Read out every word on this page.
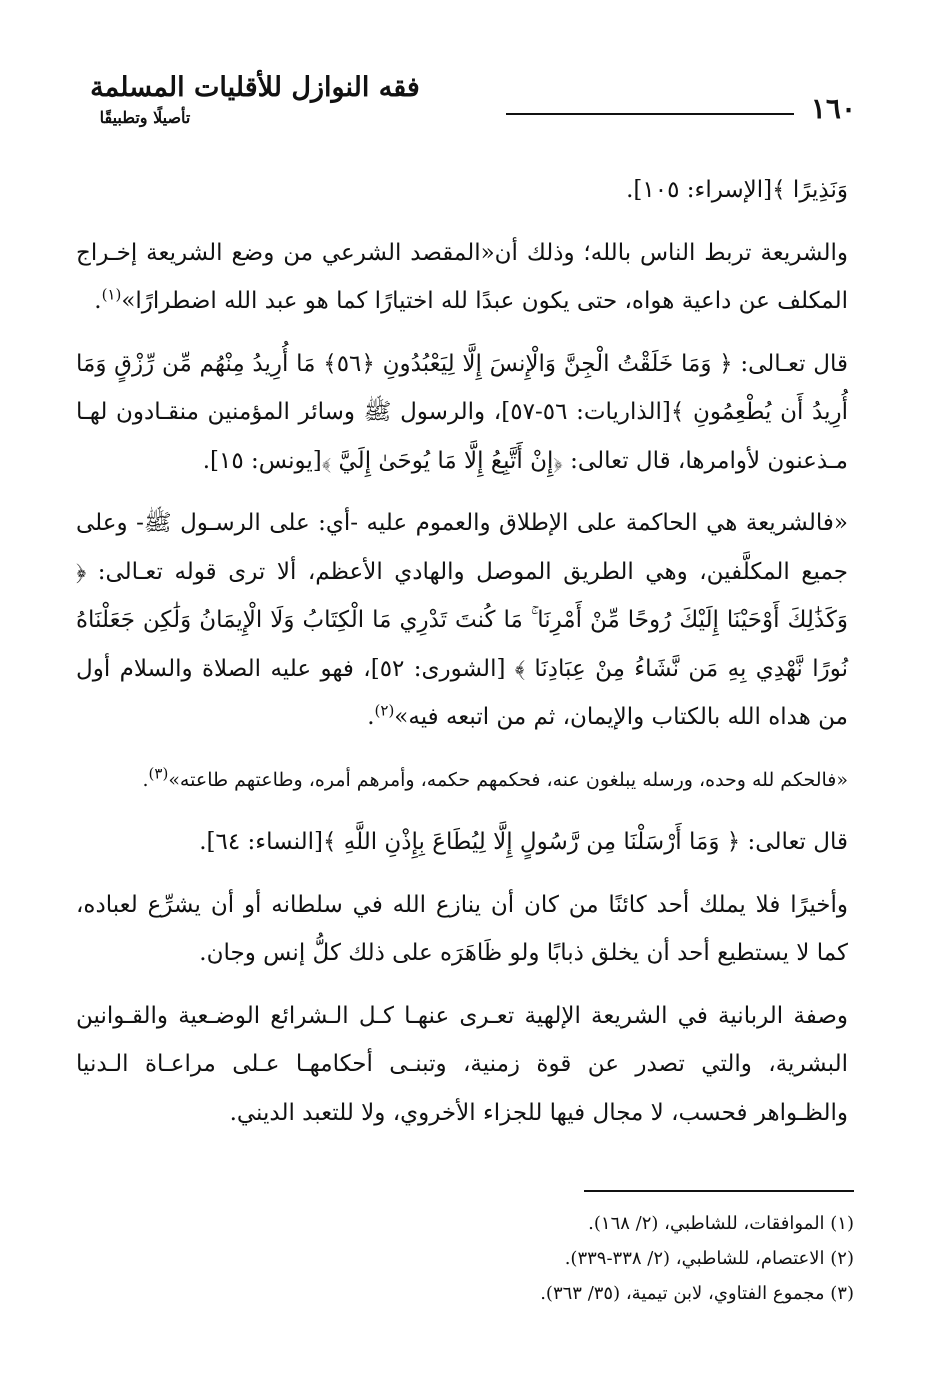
١٦٠
فقه النوازل للأقليات المسلمة
تأصيلًا وتطبيقًا

وَنَذِيرًا ﴾[الإسراء: ١٠٥].

والشريعة تربط الناس بالله؛ وذلك أن«المقصد الشرعي من وضع الشريعة إخـراج المكلف عن داعية هواه، حتى يكون عبدًا لله اختيارًا كما هو عبد الله اضطرارًا»$^{(١)}$.

قال تعـالى: ﴿ وَمَا خَلَقْتُ الْجِنَّ وَالْإِنسَ إِلَّا لِيَعْبُدُونِ ﴿٥٦﴾ مَا أُرِيدُ مِنْهُم مِّن رِّزْقٍ وَمَا أُرِيدُ أَن يُطْعِمُونِ ﴾[الذاريات: ٥٦-٥٧]، والرسول ﷺ وسائر المؤمنين منقـادون لهـا مـذعنون لأوامرها، قال تعالى: ﴿إِنْ أَتَّبِعُ إِلَّا مَا يُوحَىٰ إِلَيَّ ﴾[يونس: ١٥].

«فالشريعة هي الحاكمة على الإطلاق والعموم عليه -أي: على الرسـول ﷺ- وعلى جميع المكلَّفين، وهي الطريق الموصل والهادي الأعظم، ألا ترى قوله تعـالى: ﴿ وَكَذَٰلِكَ أَوْحَيْنَا إِلَيْكَ رُوحًا مِّنْ أَمْرِنَا ۚ مَا كُنتَ تَدْرِي مَا الْكِتَابُ وَلَا الْإِيمَانُ وَلَٰكِن جَعَلْنَاهُ نُورًا نَّهْدِي بِهِ مَن نَّشَاءُ مِنْ عِبَادِنَا ﴾ [الشورى: ٥٢]، فهو عليه الصلاة والسلام أول من هداه الله بالكتاب والإيمان، ثم من اتبعه فيه»$^{(٢)}$.

«فالحكم لله وحده، ورسله يبلغون عنه، فحكمهم حكمه، وأمرهم أمره، وطاعتهم طاعته»$^{(٣)}$.

قال تعالى: ﴿ وَمَا أَرْسَلْنَا مِن رَّسُولٍ إِلَّا لِيُطَاعَ بِإِذْنِ اللَّهِ ﴾[النساء: ٦٤].

وأخيرًا فلا يملك أحد كائنًا من كان أن ينازع الله في سلطانه أو أن يشرِّع لعباده، كما لا يستطيع أحد أن يخلق ذبابًا ولو ظَاهَرَه على ذلك كلُّ إنس وجان.

وصفة الربانية في الشريعة الإلهية تعـرى عنهـا كـل الـشرائع الوضـعية والقـوانين البشرية، والتي تصدر عن قوة زمنية، وتبنـى أحكامهـا عـلى مراعـاة الـدنيا والظـواهر فحسب، لا مجال فيها للجزاء الأخروي، ولا للتعبد الديني.

(١) الموافقات، للشاطبي، (٢/ ١٦٨).
(٢) الاعتصام، للشاطبي، (٢/ ٣٣٨-٣٣٩).
(٣) مجموع الفتاوي، لابن تيمية، (٣٥/ ٣٦٣).
